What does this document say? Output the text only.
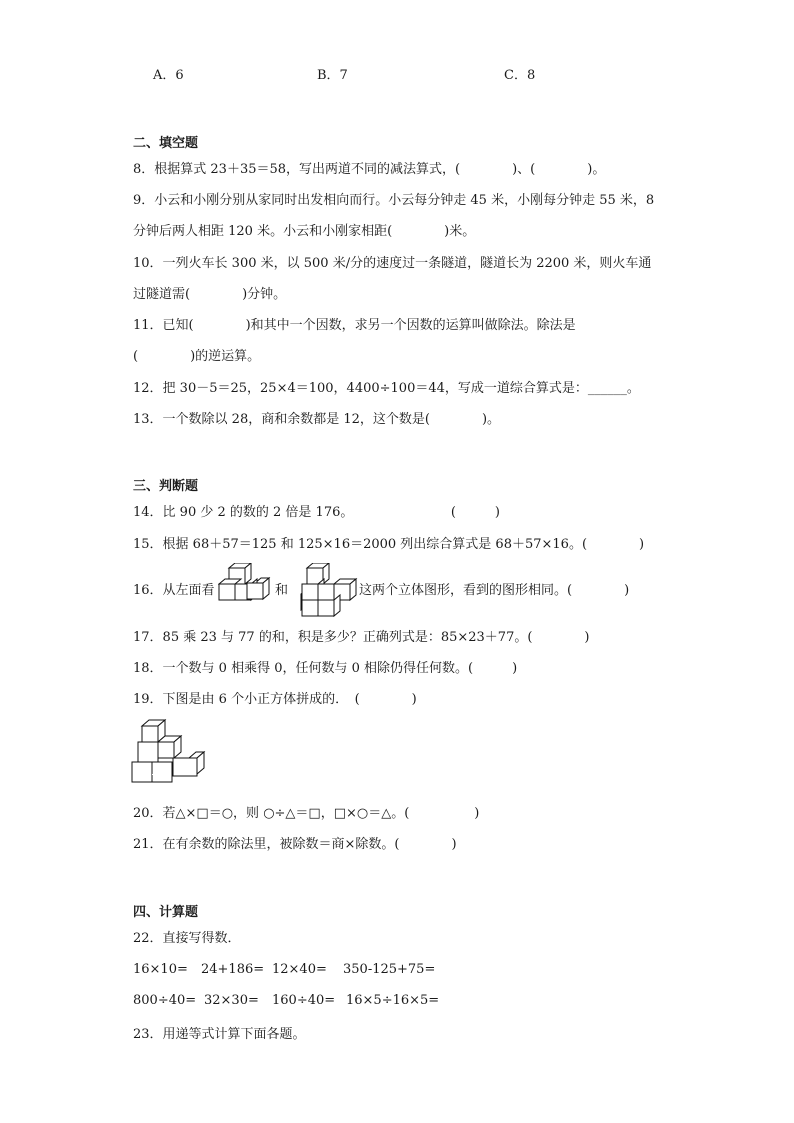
A．6	B．7	C．8
二、填空题
8．根据算式 23＋35＝58，写出两道不同的减法算式，(　　　　)、(　　　　)。
9．小云和小刚分别从家同时出发相向而行。小云每分钟走 45 米，小刚每分钟走 55 米，8
分钟后两人相距 120 米。小云和小刚家相距(　　　　)米。
10．一列火车长 300 米，以 500 米/分的速度过一条隧道，隧道长为 2200 米，则火车通
过隧道需(　　　　)分钟。
11．已知(　　　　)和其中一个因数，求另一个因数的运算叫做除法。除法是
(　　　　)的逆运算。
12．把 30－5＝25，25×4＝100，4400÷100＝44，写成一道综合算式是：______。
13．一个数除以 28，商和余数都是 12，这个数是(　　　　)。
三、判断题
14．比 90 少 2 的数的 2 倍是 176。　　　　　　　　(　　　)
15．根据 68＋57＝125 和 125×16＝2000 列出综合算式是 68＋57×16。(　　　　)
16．从左面看	和	这两个立体图形，看到的图形相同。(　　　　)
17．85 乘 23 与 77 的和，积是多少？正确列式是：85×23＋77。(　　　　)
18．一个数与 0 相乘得 0，任何数与 0 相除仍得任何数。(　　　)
19．下图是由 6 个小正方体拼成的．　(　　　　)
20．若△×□＝○，则 ○÷△＝□，□×○＝△。(　　　　　)
21．在有余数的除法里，被除数＝商×除数。(　　　　)
四、计算题
22．直接写得数．
16×10= 24+186= 12×40= 350-125+75=
800÷40= 32×30= 160÷40= 16×5÷16×5=
23．用递等式计算下面各题。
